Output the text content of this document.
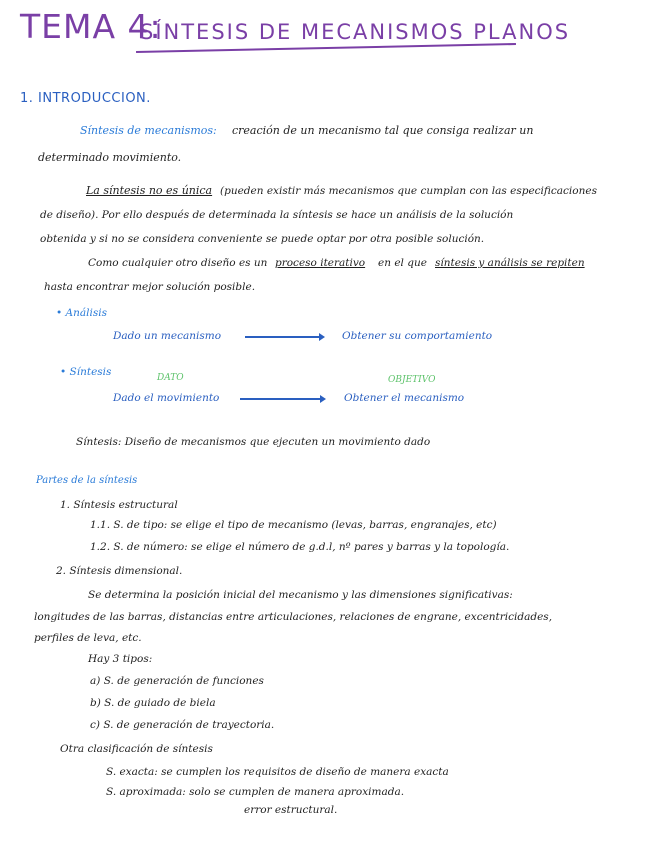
TEMA 4:
SÍNTESIS DE MECANISMOS PLANOS
1. INTRODUCCION.
Síntesis de mecanismos: creación de un mecanismo tal que consiga realizar un
determinado movimiento.
La síntesis no es única (pueden existir más mecanismos que cumplan con las especificaciones
de diseño). Por ello después de determinada la síntesis se hace un análisis de la solución
obtenida y si no se considera conveniente se puede optar por otra posible solución.
Como cualquier otro diseño es un proceso iterativo en el que síntesis y análisis se repiten
hasta encontrar mejor solución posible.
• Análisis
Dado un mecanismo	Obtener su comportamiento
• Síntesis	DATO	OBJETIVO
Dado el movimiento	Obtener el mecanismo
Síntesis: Diseño de mecanismos que ejecuten un movimiento dado
Partes de la síntesis
1. Síntesis estructural
1.1. S. de tipo: se elige el tipo de mecanismo (levas, barras, engranajes, etc)
1.2. S. de número: se elige el número de g.d.l, nº pares y barras y la topología.
2. Síntesis dimensional.
Se determina la posición inicial del mecanismo y las dimensiones significativas:
longitudes de las barras, distancias entre articulaciones, relaciones de engrane, excentricidades,
perfiles de leva, etc.
Hay 3 tipos:
a) S. de generación de funciones
b) S. de guiado de biela
c) S. de generación de trayectoria.
Otra clasificación de síntesis
S. exacta: se cumplen los requisitos de diseño de manera exacta
S. aproximada: solo se cumplen de manera aproximada.
error estructural.
